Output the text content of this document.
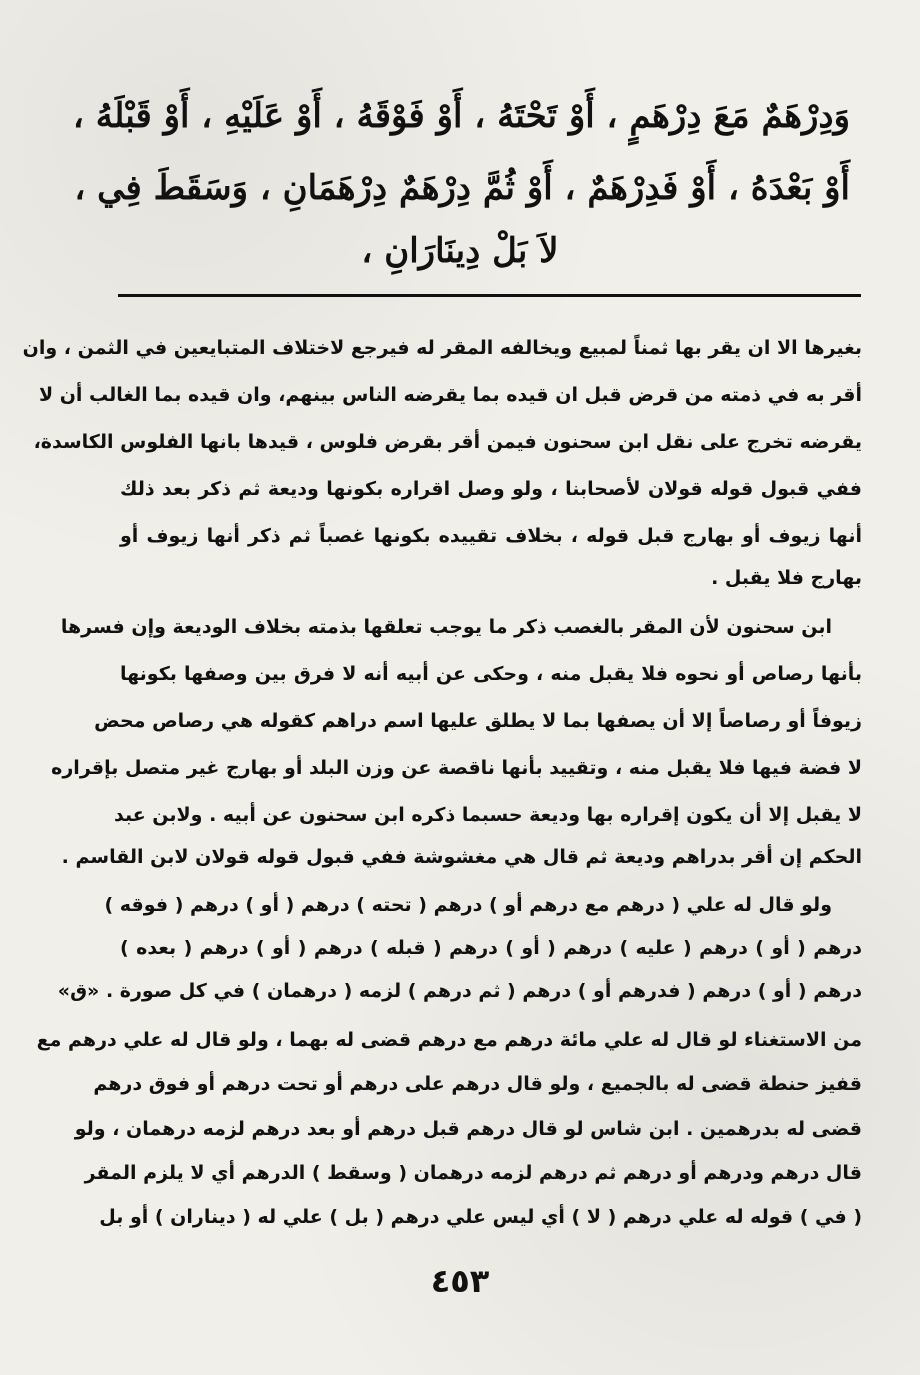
وَدِرْهَمٌ مَعَ دِرْهَمٍ ، أَوْ تَحْتَهُ ، أَوْ فَوْقَهُ ، أَوْ عَلَيْهِ ، أَوْ قَبْلَهُ ،
أَوْ بَعْدَهُ ، أَوْ فَدِرْهَمٌ ، أَوْ ثُمَّ دِرْهَمٌ دِرْهَمَانِ ، وَسَقَطَ فِي ،
لاَ بَلْ دِينَارَانِ ،
بغيرها الا ان يقر بها ثمناً لمبيع ويخالفه المقر له فيرجع لاختلاف المتبايعين في الثمن ، وان
أقر به في ذمته من قرض قبل ان قيده بما يقرضه الناس بينهم، وان قيده بما الغالب أن لا
يقرضه تخرج على نقل ابن سحنون فيمن أقر بقرض فلوس ، قيدها بانها الفلوس الكاسدة،
ففي قبول قوله قولان لأصحابنا ، ولو وصل اقراره بكونها وديعة ثم ذكر بعد ذلك
أنها زيوف أو بهارج قبل قوله ، بخلاف تقييده بكونها غصباً ثم ذكر أنها زيوف أو
بهارج فلا يقبل .
ابن سحنون لأن المقر بالغصب ذكر ما يوجب تعلقها بذمته بخلاف الوديعة وإن فسرها
بأنها رصاص أو نحوه فلا يقبل منه ، وحكى عن أبيه أنه لا فرق بين وصفها بكونها
زيوفاً أو رصاصاً إلا أن يصفها بما لا يطلق عليها اسم دراهم كقوله هي رصاص محض
لا فضة فيها فلا يقبل منه ، وتقييد بأنها ناقصة عن وزن البلد أو بهارج غير متصل بإقراره
لا يقبل إلا أن يكون إقراره بها وديعة حسبما ذكره ابن سحنون عن أبيه . ولابن عبد
الحكم إن أقر بدراهم وديعة ثم قال هي مغشوشة ففي قبول قوله قولان لابن القاسم .
ولو قال له علي ( درهم مع درهم أو ) درهم ( تحته ) درهم ( أو ) درهم ( فوقه )
درهم ( أو ) درهم ( عليه ) درهم ( أو ) درهم ( قبله ) درهم ( أو ) درهم ( بعده )
درهم ( أو ) درهم ( فدرهم أو ) درهم ( ثم درهم ) لزمه ( درهمان ) في كل صورة . «ق»
من الاستغناء لو قال له علي مائة درهم مع درهم قضى له بهما ، ولو قال له علي درهم مع
قفيز حنطة قضى له بالجميع ، ولو قال درهم على درهم أو تحت درهم أو فوق درهم
قضى له بدرهمين . ابن شاس لو قال درهم قبل درهم أو بعد درهم لزمه درهمان ، ولو
قال درهم ودرهم أو درهم ثم درهم لزمه درهمان ( وسقط ) الدرهم أي لا يلزم المقر
( في ) قوله له علي درهم ( لا ) أي ليس علي درهم ( بل ) علي له ( ديناران ) أو بل
٤٥٣
